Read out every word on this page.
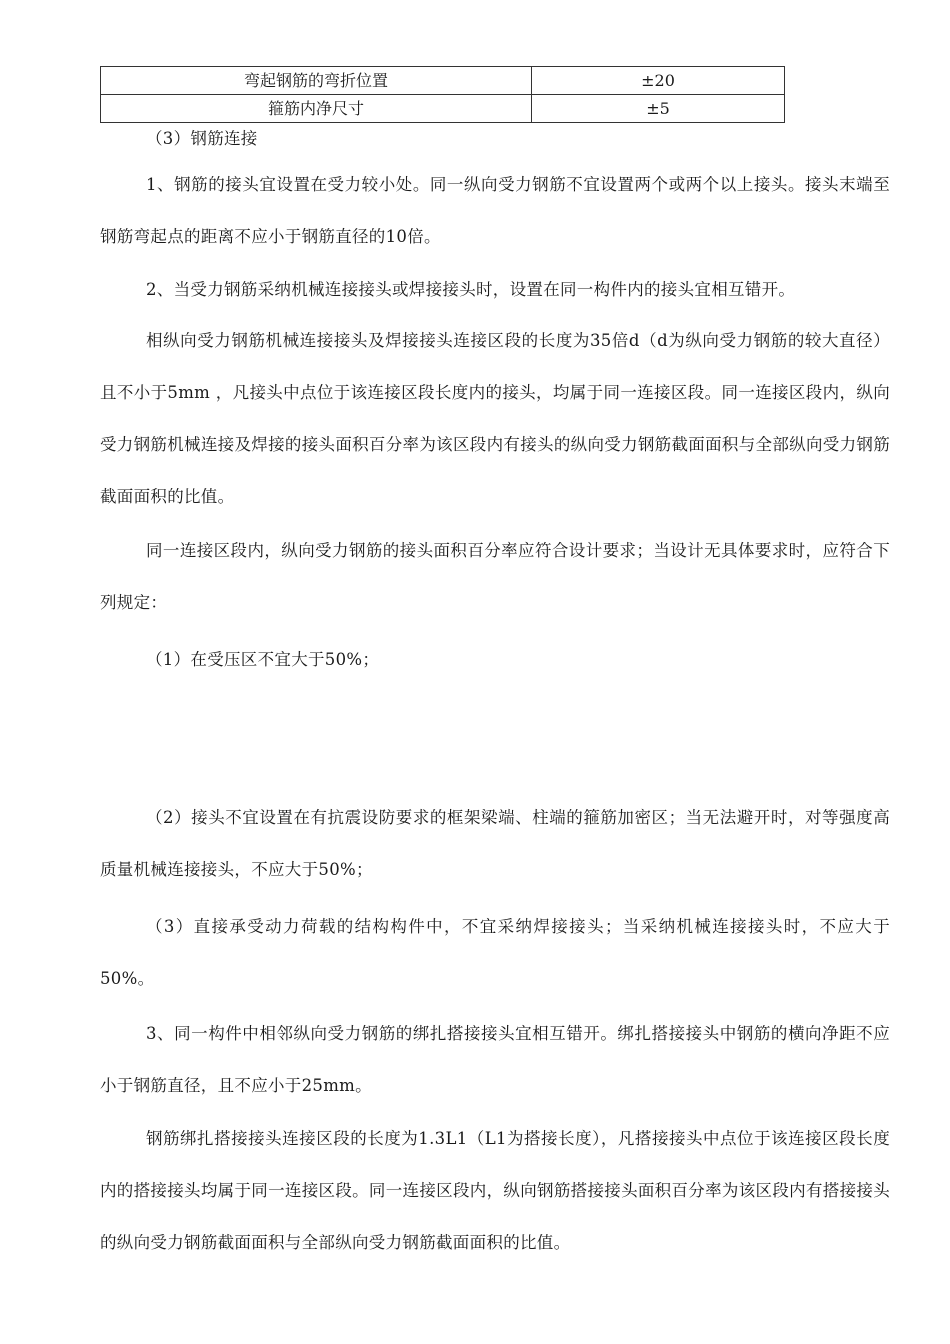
弯起钢筋的弯折位置	±20
箍筋内净尺寸	±5

（3）钢筋连接

1、钢筋的接头宜设置在受力较小处。同一纵向受力钢筋不宜设置两个或两个以上接头。接头末端至钢筋弯起点的距离不应小于钢筋直径的10倍。

2、当受力钢筋采纳机械连接接头或焊接接头时，设置在同一构件内的接头宜相互错开。

相纵向受力钢筋机械连接接头及焊接接头连接区段的长度为35倍d（d为纵向受力钢筋的较大直径）且不小于5mm ，凡接头中点位于该连接区段长度内的接头，均属于同一连接区段。同一连接区段内，纵向受力钢筋机械连接及焊接的接头面积百分率为该区段内有接头的纵向受力钢筋截面面积与全部纵向受力钢筋截面面积的比值。

同一连接区段内，纵向受力钢筋的接头面积百分率应符合设计要求；当设计无具体要求时，应符合下列规定：

（1）在受压区不宜大于50%；

（2）接头不宜设置在有抗震设防要求的框架梁端、柱端的箍筋加密区；当无法避开时，对等强度高质量机械连接接头，不应大于50%；

（3）直接承受动力荷载的结构构件中，不宜采纳焊接接头；当采纳机械连接接头时，不应大于50%。

3、同一构件中相邻纵向受力钢筋的绑扎搭接接头宜相互错开。绑扎搭接接头中钢筋的横向净距不应小于钢筋直径，且不应小于25mm。

钢筋绑扎搭接接头连接区段的长度为1.3L1（L1为搭接长度），凡搭接接头中点位于该连接区段长度内的搭接接头均属于同一连接区段。同一连接区段内，纵向钢筋搭接接头面积百分率为该区段内有搭接接头的纵向受力钢筋截面面积与全部纵向受力钢筋截面面积的比值。
